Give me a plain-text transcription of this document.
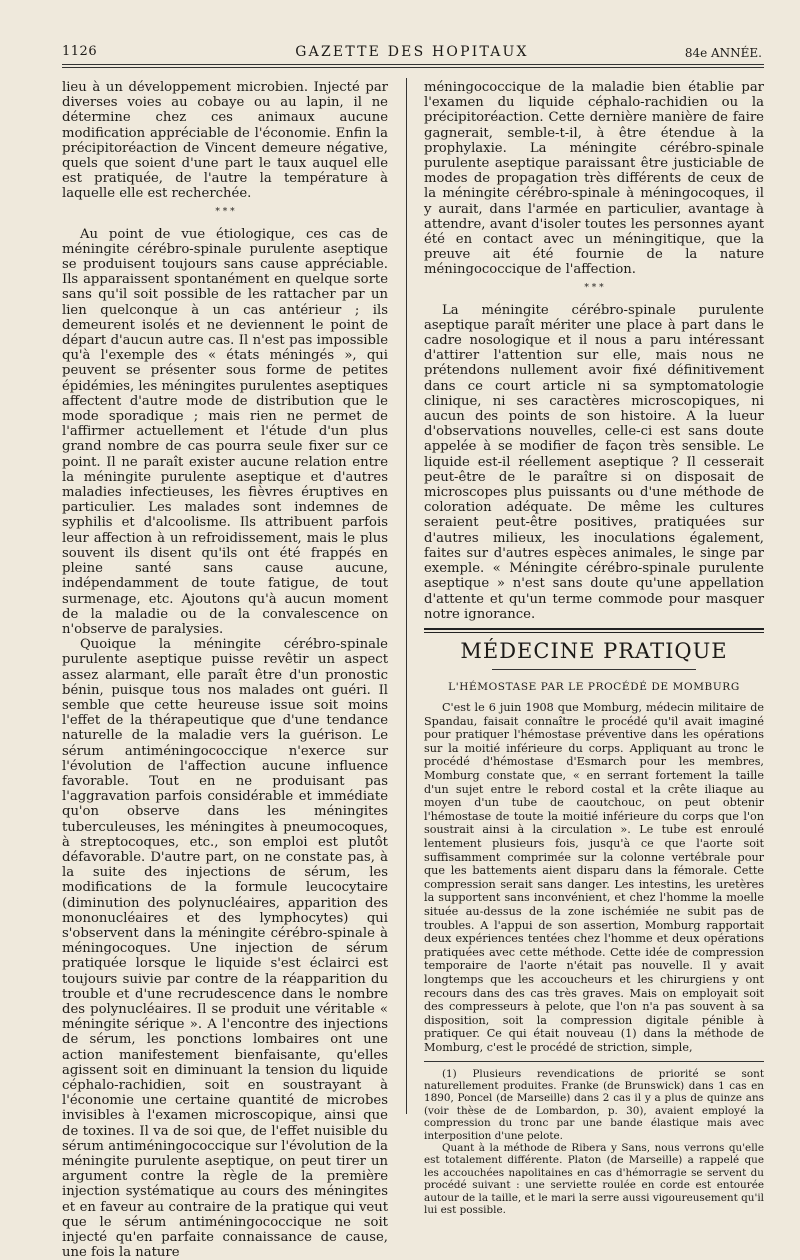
1126	GAZETTE DES HOPITAUX	84e ANNÉE.

lieu à un développement microbien. Injecté par diverses voies au cobaye ou au lapin, il ne détermine chez ces animaux aucune modification appréciable de l'économie. Enfin la précipitoréaction de Vincent demeure négative, quels que soient d'une part le taux auquel elle est pratiquée, de l'autre la température à laquelle elle est recherchée.

* * *

Au point de vue étiologique, ces cas de méningite cérébro-spinale purulente aseptique se produisent toujours sans cause appréciable. Ils apparaissent spontanément en quelque sorte sans qu'il soit possible de les rattacher par un lien quelconque à un cas antérieur ; ils demeurent isolés et ne deviennent le point de départ d'aucun autre cas. Il n'est pas impossible qu'à l'exemple des « états méningés », qui peuvent se présenter sous forme de petites épidémies, les méningites purulentes aseptiques affectent d'autre mode de distribution que le mode sporadique ; mais rien ne permet de l'affirmer actuellement et l'étude d'un plus grand nombre de cas pourra seule fixer sur ce point. Il ne paraît exister aucune relation entre la méningite purulente aseptique et d'autres maladies infectieuses, les fièvres éruptives en particulier. Les malades sont indemnes de syphilis et d'alcoolisme. Ils attribuent parfois leur affection à un refroidissement, mais le plus souvent ils disent qu'ils ont été frappés en pleine santé sans cause aucune, indépendamment de toute fatigue, de tout surmenage, etc. Ajoutons qu'à aucun moment de la maladie ou de la convalescence on n'observe de paralysies.

Quoique la méningite cérébro-spinale purulente aseptique puisse revêtir un aspect assez alarmant, elle paraît être d'un pronostic bénin, puisque tous nos malades ont guéri. Il semble que cette heureuse issue soit moins l'effet de la thérapeutique que d'une tendance naturelle de la maladie vers la guérison. Le sérum antiméningococcique n'exerce sur l'évolution de l'affection aucune influence favorable. Tout en ne produisant pas l'aggravation parfois considérable et immédiate qu'on observe dans les méningites tuberculeuses, les méningites à pneumocoques, à streptocoques, etc., son emploi est plutôt défavorable. D'autre part, on ne constate pas, à la suite des injections de sérum, les modifications de la formule leucocytaire (diminution des polynucléaires, apparition des mononucléaires et des lymphocytes) qui s'observent dans la méningite cérébro-spinale à méningocoques. Une injection de sérum pratiquée lorsque le liquide s'est éclairci est toujours suivie par contre de la réapparition du trouble et d'une recrudescence dans le nombre des polynucléaires. Il se produit une véritable « méningite sérique ». A l'encontre des injections de sérum, les ponctions lombaires ont une action manifestement bienfaisante, qu'elles agissent soit en diminuant la tension du liquide céphalo-rachidien, soit en soustrayant à l'économie une certaine quantité de microbes invisibles à l'examen microscopique, ainsi que de toxines. Il va de soi que, de l'effet nuisible du sérum antiméningococcique sur l'évolution de la méningite purulente aseptique, on peut tirer un argument contre la règle de la première injection systématique au cours des méningites et en faveur au contraire de la pratique qui veut que le sérum antiméningococcique ne soit injecté qu'en parfaite connaissance de cause, une fois la nature

méningococcique de la maladie bien établie par l'examen du liquide céphalo-rachidien ou la précipitoréaction. Cette dernière manière de faire gagnerait, semble-t-il, à être étendue à la prophylaxie. La méningite cérébro-spinale purulente aseptique paraissant être justiciable de modes de propagation très différents de ceux de la méningite cérébro-spinale à méningocoques, il y aurait, dans l'armée en particulier, avantage à attendre, avant d'isoler toutes les personnes ayant été en contact avec un méningitique, que la preuve ait été fournie de la nature méningococcique de l'affection.

* * *

La méningite cérébro-spinale purulente aseptique paraît mériter une place à part dans le cadre nosologique et il nous a paru intéressant d'attirer l'attention sur elle, mais nous ne prétendons nullement avoir fixé définitivement dans ce court article ni sa symptomatologie clinique, ni ses caractères microscopiques, ni aucun des points de son histoire. A la lueur d'observations nouvelles, celle-ci est sans doute appelée à se modifier de façon très sensible. Le liquide est-il réellement aseptique ? Il cesserait peut-être de le paraître si on disposait de microscopes plus puissants ou d'une méthode de coloration adéquate. De même les cultures seraient peut-être positives, pratiquées sur d'autres milieux, les inoculations également, faites sur d'autres espèces animales, le singe par exemple. « Méningite cérébro-spinale purulente aseptique » n'est sans doute qu'une appellation d'attente et qu'un terme commode pour masquer notre ignorance.

MÉDECINE PRATIQUE
L'HÉMOSTASE PAR LE PROCÉDÉ DE MOMBURG

C'est le 6 juin 1908 que Momburg, médecin militaire de Spandau, faisait connaître le procédé qu'il avait imaginé pour pratiquer l'hémostase préventive dans les opérations sur la moitié inférieure du corps. Appliquant au tronc le procédé d'hémostase d'Esmarch pour les membres, Momburg constate que, « en serrant fortement la taille d'un sujet entre le rebord costal et la crête iliaque au moyen d'un tube de caoutchouc, on peut obtenir l'hémostase de toute la moitié inférieure du corps que l'on soustrait ainsi à la circulation ». Le tube est enroulé lentement plusieurs fois, jusqu'à ce que l'aorte soit suffisamment comprimée sur la colonne vertébrale pour que les battements aient disparu dans la fémorale. Cette compression serait sans danger. Les intestins, les uretères la supportent sans inconvénient, et chez l'homme la moelle située au-dessus de la zone ischémiée ne subit pas de troubles. A l'appui de son assertion, Momburg rapportait deux expériences tentées chez l'homme et deux opérations pratiquées avec cette méthode. Cette idée de compression temporaire de l'aorte n'était pas nouvelle. Il y avait longtemps que les accoucheurs et les chirurgiens y ont recours dans des cas très graves. Mais on employait soit des compresseurs à pelote, que l'on n'a pas souvent à sa disposition, soit la compression digitale pénible à pratiquer. Ce qui était nouveau (1) dans la méthode de Momburg, c'est le procédé de striction, simple,

(1) Plusieurs revendications de priorité se sont naturellement produites. Franke (de Brunswick) dans 1 cas en 1890, Poncel (de Marseille) dans 2 cas il y a plus de quinze ans (voir thèse de de Lombardon, p. 30), avaient employé la compression du tronc par une bande élastique mais avec interposition d'une pelote.

Quant à la méthode de Ribera y Sans, nous verrons qu'elle est totalement différente. Platon (de Marseille) a rappelé que les accouchées napolitaines en cas d'hémorragie se servent du procédé suivant : une serviette roulée en corde est entourée autour de la taille, et le mari la serre aussi vigoureusement qu'il lui est possible.
